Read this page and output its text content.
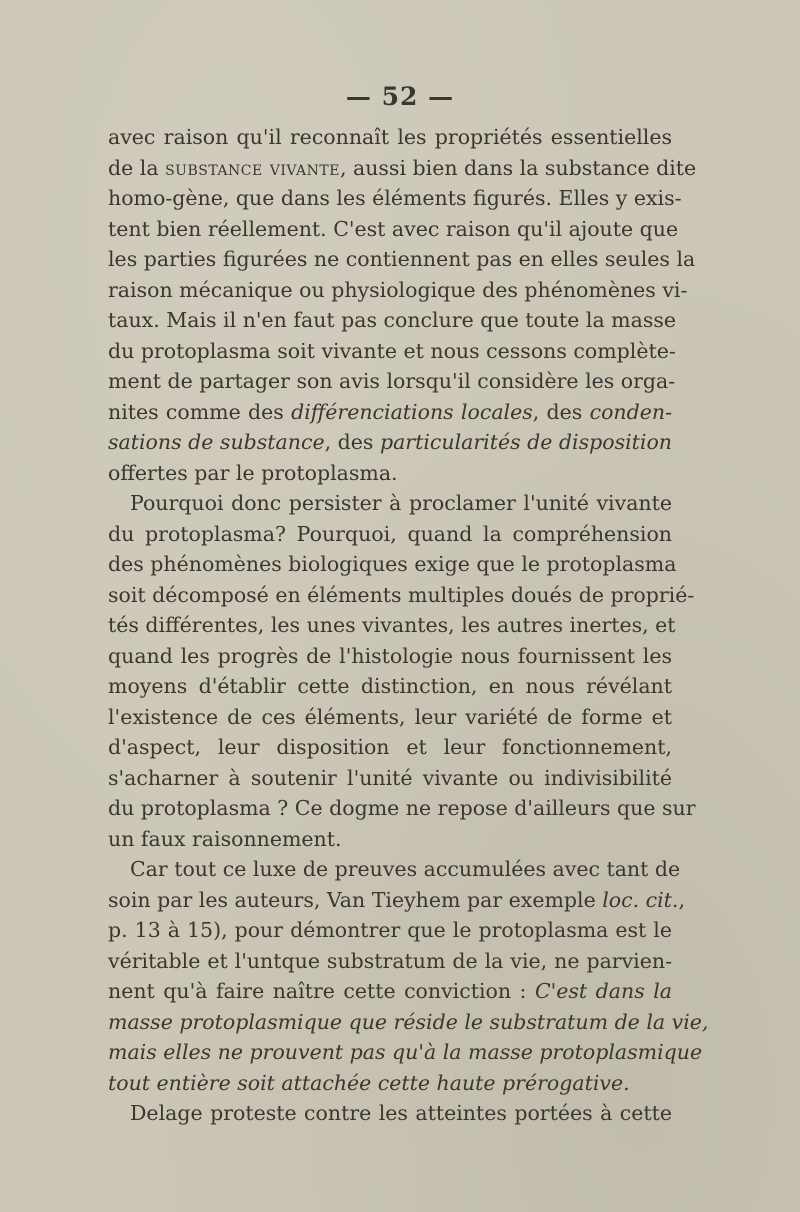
— 52 —
avec raison qu'il reconnaît les propriétés essentielles
de la substance vivante, aussi bien dans la substance dite
homo-gène, que dans les éléments figurés. Elles y exis-
tent bien réellement. C'est avec raison qu'il ajoute que
les parties figurées ne contiennent pas en elles seules la
raison mécanique ou physiologique des phénomènes vi-
taux. Mais il n'en faut pas conclure que toute la masse
du protoplasma soit vivante et nous cessons complète-
ment de partager son avis lorsqu'il considère les orga-
nites comme des différenciations locales, des conden-
sations de substance, des particularités de disposition
offertes par le protoplasma.
Pourquoi donc persister à proclamer l'unité vivante
du protoplasma? Pourquoi, quand la compréhension
des phénomènes biologiques exige que le protoplasma
soit décomposé en éléments multiples doués de proprié-
tés différentes, les unes vivantes, les autres inertes, et
quand les progrès de l'histologie nous fournissent les
moyens d'établir cette distinction, en nous révélant
l'existence de ces éléments, leur variété de forme et
d'aspect, leur disposition et leur fonctionnement,
s'acharner à soutenir l'unité vivante ou indivisibilité
du protoplasma ? Ce dogme ne repose d'ailleurs que sur
un faux raisonnement.
Car tout ce luxe de preuves accumulées avec tant de
soin par les auteurs, Van Tieyhem par exemple loc. cit.,
p. 13 à 15), pour démontrer que le protoplasma est le
véritable et l'untque substratum de la vie, ne parvien-
nent qu'à faire naître cette conviction : C'est dans la
masse protoplasmique que réside le substratum de la vie,
mais elles ne prouvent pas qu'à la masse protoplasmique
tout entière soit attachée cette haute prérogative.
Delage proteste contre les atteintes portées à cette
